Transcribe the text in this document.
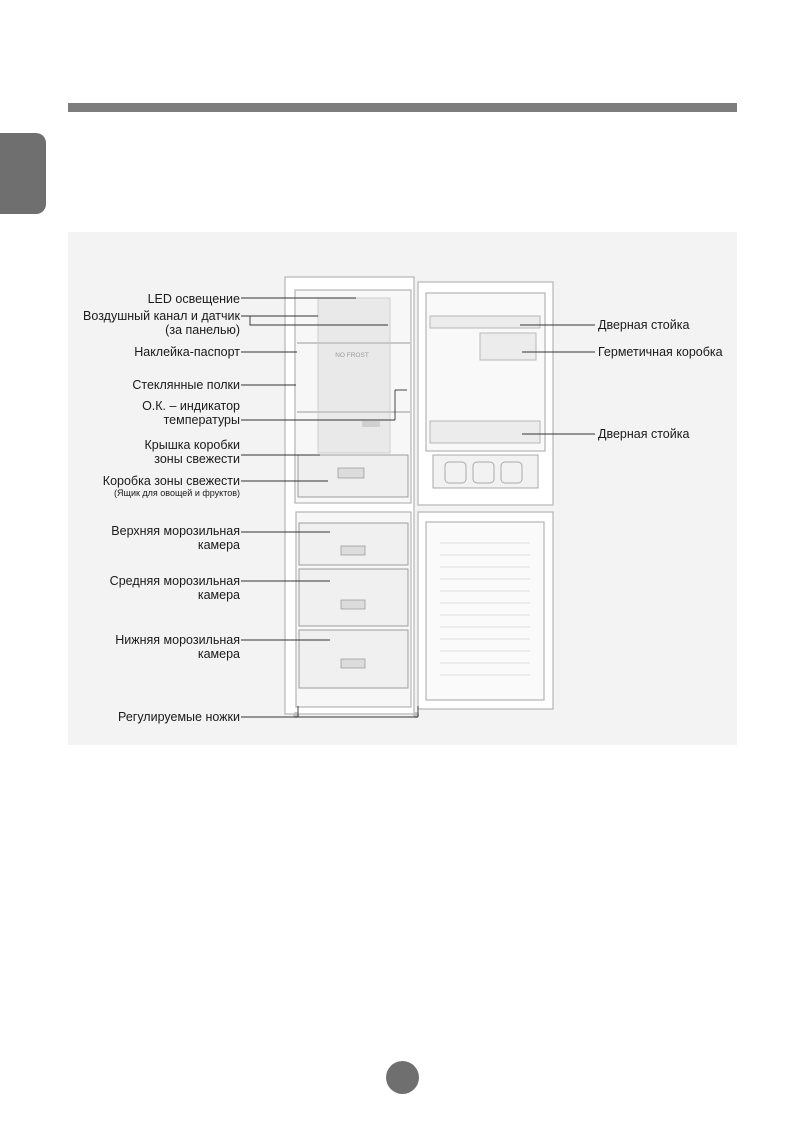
NO FROST
LED освещение
Воздушный канал и датчик
(за панелью)
Наклейка-паспорт
Стеклянные полки
О.К. – индикатор
температуры
Крышка коробки
зоны свежести
Коробка зоны свежести
(Ящик для овощей и фруктов)
Верхняя морозильная
камера
Средняя морозильная
камера
Нижняя морозильная
камера
Регулируемые ножки
Дверная стойка
Герметичная коробка
Дверная стойка
